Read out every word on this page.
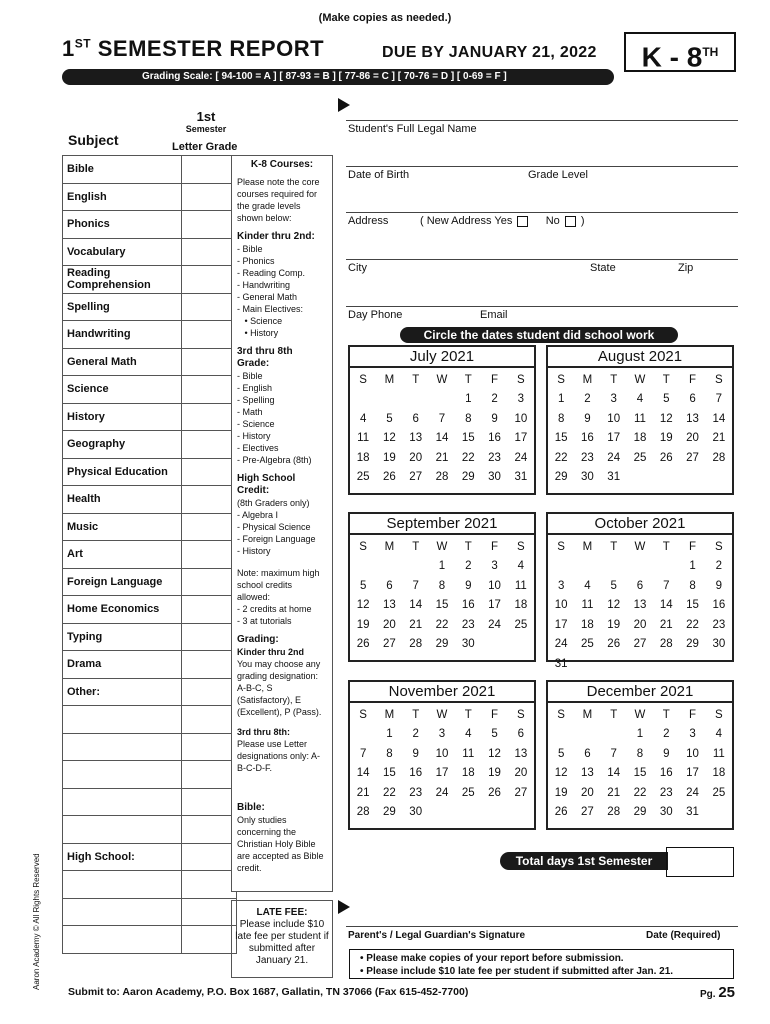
(Make copies as needed.)
1ST SEMESTER REPORT	DUE BY JANUARY 21, 2022	K - 8TH
Grading Scale: [ 94-100 = A ] [ 87-93 = B ] [ 77-86 = C ] [ 70-76 = D ] [ 0-69 = F ]
1st
Semester
Subject	Letter Grade
Bible	
English	
Phonics	
Vocabulary	
Reading Comprehension	
Spelling	
Handwriting	
General Math	
Science	
History	
Geography	
Physical Education	
Health	
Music	
Art	
Foreign Language	
Home Economics	
Typing	
Drama	
Other:	

High School:	

K-8 Courses:
Please note the core courses required for the grade levels shown below:
Kinder thru 2nd:

- Bible

- Phonics

- Reading Comp.

- Handwriting

- General Math

- Main Electives:

• Science

• History

3rd thru 8th Grade:

- Bible

- English

- Spelling

- Math

- Science

- History

- Electives

- Pre-Algebra (8th)

High School Credit:
(8th Graders only)

- Algebra I

- Physical Science

- Foreign Language

- History

Note: maximum high school credits allowed:

- 2 credits at home

- 3 at tutorials

Grading:
Kinder thru 2nd
You may choose any grading designation: A-B-C, S (Satisfactory), E (Excellent), P (Pass).
3rd thru 8th:
Please use Letter designations only: A-B-C-D-F.
Bible:
Only studies concerning the Christian Holy Bible are accepted as Bible credit.
LATE FEE:
Please include $10 late fee per student if submitted after January 21.
Student's Full Legal Name
Date of Birth	Grade Level
Address	( New Address Yes	No )
City	State	Zip
Day Phone	Email
Circle the dates student did school work
July 2021
S	M	T	W	T	F	S
				1	2	3
4	5	6	7	8	9	10
11	12	13	14	15	16	17
18	19	20	21	22	23	24
25	26	27	28	29	30	31
August 2021
S	M	T	W	T	F	S
1	2	3	4	5	6	7
8	9	10	11	12	13	14
15	16	17	18	19	20	21
22	23	24	25	26	27	28
29	30	31				
September 2021
S	M	T	W	T	F	S
			1	2	3	4
5	6	7	8	9	10	11
12	13	14	15	16	17	18
19	20	21	22	23	24	25
26	27	28	29	30		
October 2021
S	M	T	W	T	F	S
					1	2
3	4	5	6	7	8	9
10	11	12	13	14	15	16
17	18	19	20	21	22	23
24	25	26	27	28	29	30
31						
November 2021
S	M	T	W	T	F	S
	1	2	3	4	5	6
7	8	9	10	11	12	13
14	15	16	17	18	19	20
21	22	23	24	25	26	27
28	29	30				
December 2021
S	M	T	W	T	F	S
			1	2	3	4
5	6	7	8	9	10	11
12	13	14	15	16	17	18
19	20	21	22	23	24	25
26	27	28	29	30	31	
Total days 1st Semester
Parent's / Legal Guardian's Signature	Date (Required)
• Please make copies of your report before submission.
• Please include $10 late fee per student if submitted after Jan. 21.
Submit to: Aaron Academy, P.O. Box 1687, Gallatin, TN 37066 (Fax 615-452-7700)	Pg. 25
Aaron Academy © All Rights Reserved
